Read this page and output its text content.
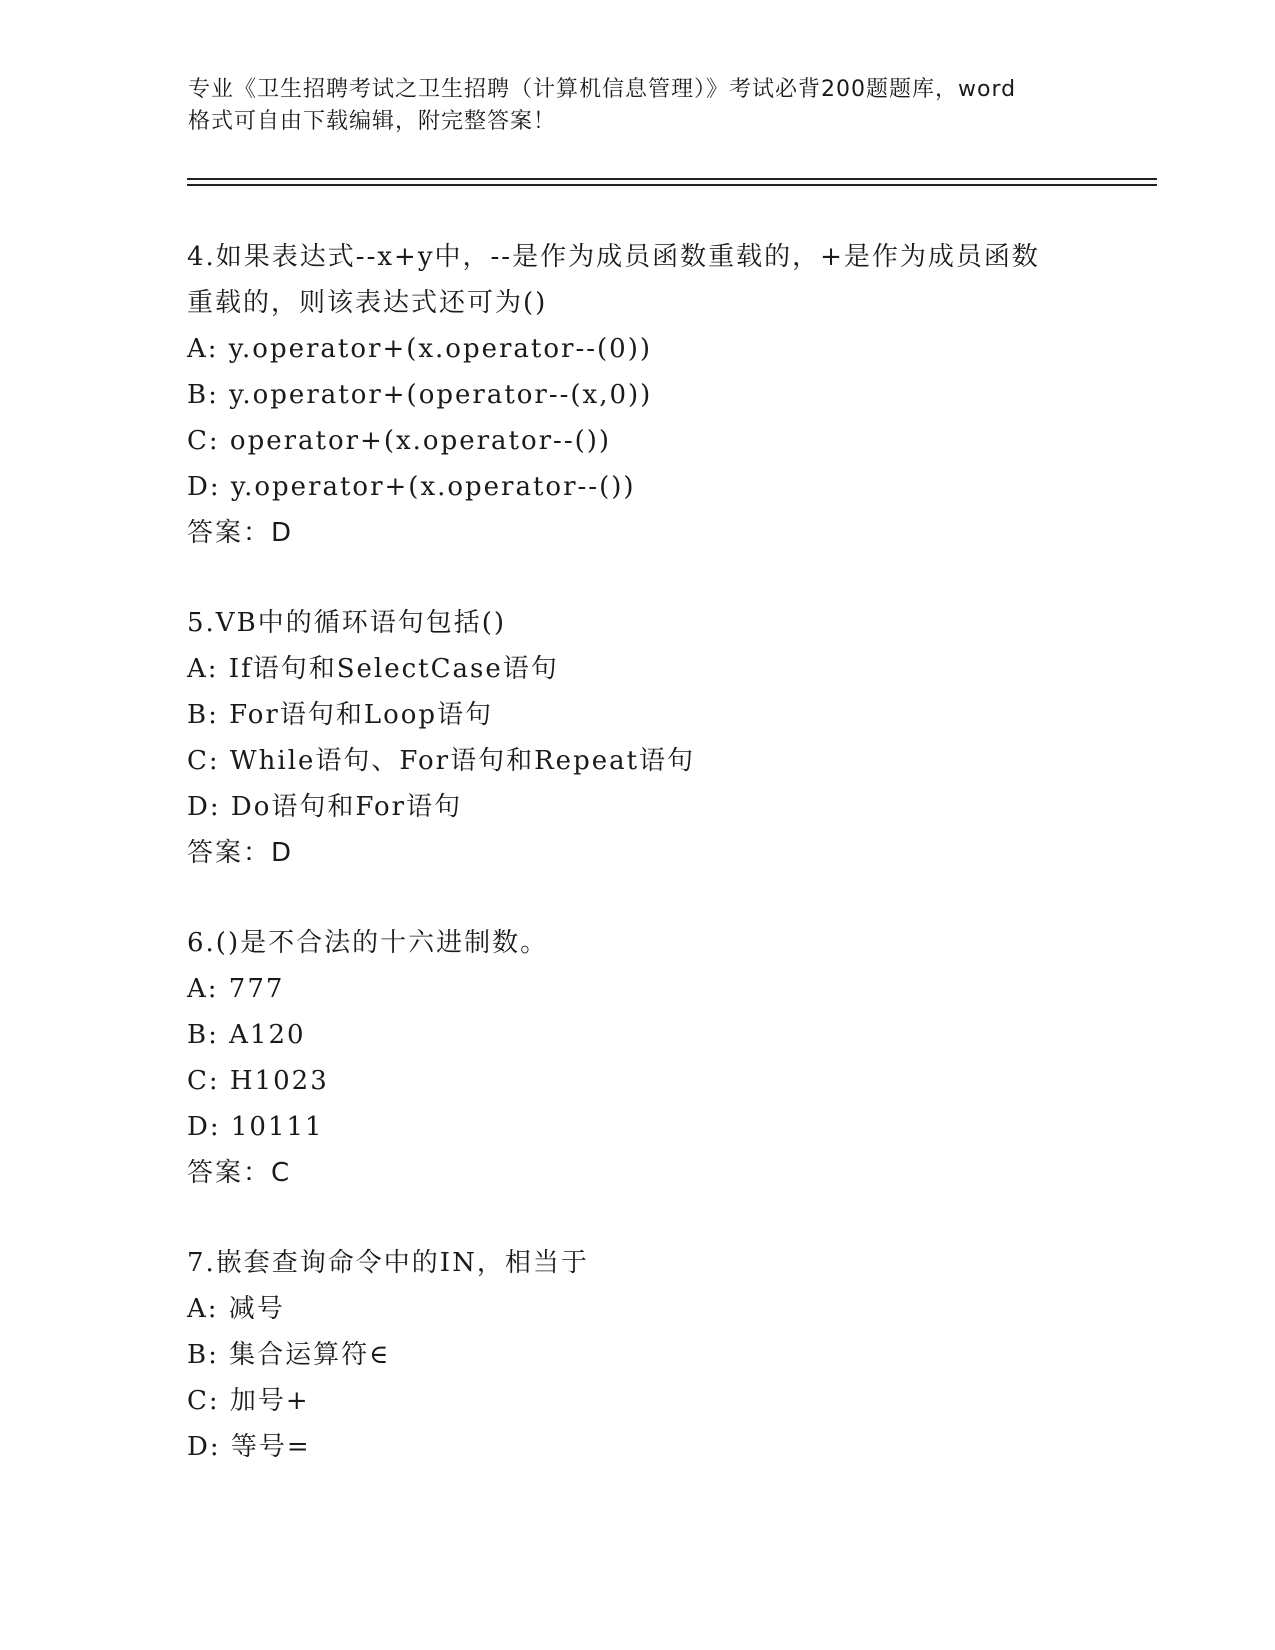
专业《卫生招聘考试之卫生招聘（计算机信息管理）》考试必背200题题库，word
格式可自由下载编辑，附完整答案！
4.如果表达式--x+y中，--是作为成员函数重载的，+是作为成员函数
重载的，则该表达式还可为()
A: y.operator+(x.operator--(0))
B: y.operator+(operator--(x,0))
C: operator+(x.operator--())
D: y.operator+(x.operator--())
答案：D
5.VB中的循环语句包括()
A: If语句和SelectCase语句
B: For语句和Loop语句
C: While语句、For语句和Repeat语句
D: Do语句和For语句
答案：D
6.()是不合法的十六进制数。
A: 777
B: A120
C: H1023
D: 10111
答案：C
7.嵌套查询命令中的IN，相当于
A: 减号
B: 集合运算符∈
C: 加号+
D: 等号=
